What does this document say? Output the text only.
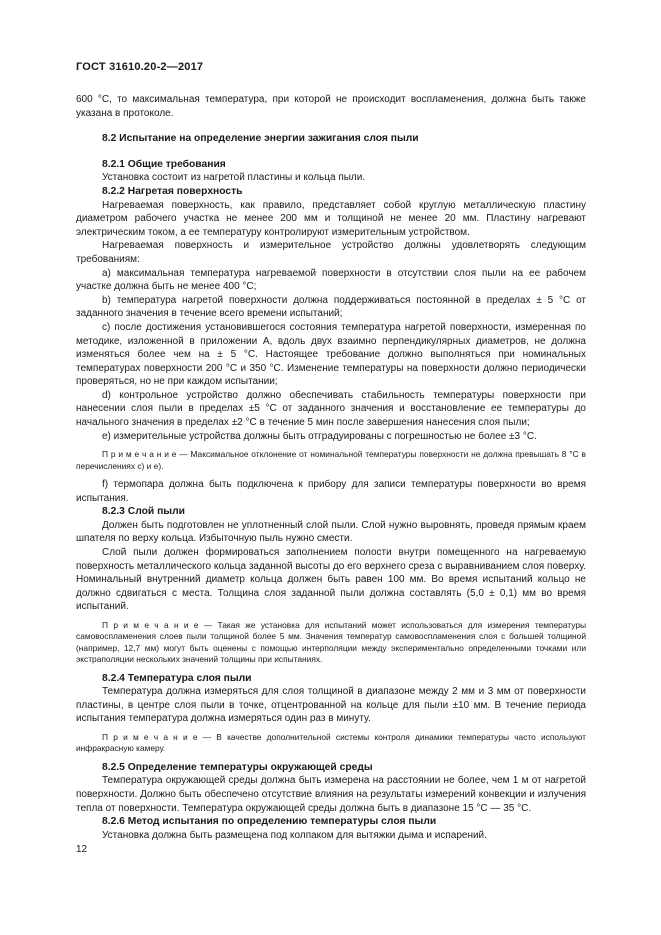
ГОСТ 31610.20-2—2017

600 °С, то максимальная температура, при которой не происходит воспламенения, должна быть также указана в протоколе.

8.2 Испытание на определение энергии зажигания слоя пыли

8.2.1 Общие требования

Установка состоит из нагретой пластины и кольца пыли.

8.2.2 Нагретая поверхность

Нагреваемая поверхность, как правило, представляет собой круглую металлическую пластину диаметром рабочего участка не менее 200 мм и толщиной не менее 20 мм. Пластину нагревают электрическим током, а ее температуру контролируют измерительным устройством.

Нагреваемая поверхность и измерительное устройство должны удовлетворять следующим требованиям:

а) максимальная температура нагреваемой поверхности в отсутствии слоя пыли на ее рабочем участке должна быть не менее 400 °С;

b) температура нагретой поверхности должна поддерживаться постоянной в пределах ± 5 °С от заданного значения в течение всего времени испытаний;

c) после достижения установившегося состояния температура нагретой поверхности, измеренная по методике, изложенной в приложении А, вдоль двух взаимно перпендикулярных диаметров, не должна изменяться более чем на ± 5 °С. Настоящее требование должно выполняться при номинальных температурах поверхности 200 °С и 350 °С. Изменение температуры на поверхности должно периодически проверяться, но не при каждом испытании;

d) контрольное устройство должно обеспечивать стабильность температуры поверхности при нанесении слоя пыли в пределах ±5 °С от заданного значения и восстановление ее температуры до начального значения в пределах ±2 °С в течение 5 мин после завершения нанесения слоя пыли;

е) измерительные устройства должны быть отградуированы с погрешностью не более ±3 °С.

П р и м е ч а н и е — Максимальное отклонение от номинальной температуры поверхности не должна превышать 8 °С в перечислениях с) и е).

f) термопара должна быть подключена к прибору для записи температуры поверхности во время испытания.

8.2.3 Слой пыли

Должен быть подготовлен не уплотненный слой пыли. Слой нужно выровнять, проведя прямым краем шпателя по верху кольца. Избыточную пыль нужно смести.

Слой пыли должен формироваться заполнением полости внутри помещенного на нагреваемую поверхность металлического кольца заданной высоты до его верхнего среза с выравниванием слоя поверху. Номинальный внутренний диаметр кольца должен быть равен 100 мм. Во время испытаний кольцо не должно сдвигаться с места. Толщина слоя заданной пыли должна составлять (5,0 ± 0,1) мм во время испытаний.

П р и м е ч а н и е — Такая же установка для испытаний может использоваться для измерения температуры самовоспламенения слоев пыли толщиной более 5 мм. Значения температур самовоспламенения слоя с большей толщиной (например, 12,7 мм) могут быть оценены с помощью интерполяции между экспериментально определенными точками или экстраполяции нескольких значений толщины при испытаниях.

8.2.4 Температура слоя пыли

Температура должна измеряться для слоя толщиной в диапазоне между 2 мм и 3 мм от поверхности пластины, в центре слоя пыли в точке, отцентрованной на кольце для пыли ±10 мм. В течение периода испытания температура должна измеряться один раз в минуту.

П р и м е ч а н и е — В качестве дополнительной системы контроля динамики температуры часто используют инфракрасную камеру.

8.2.5 Определение температуры окружающей среды

Температура окружающей среды должна быть измерена на расстоянии не более, чем 1 м от нагретой поверхности. Должно быть обеспечено отсутствие влияния на результаты измерений конвекции и излучения тепла от поверхности. Температура окружающей среды должна быть в диапазоне 15 °С — 35 °С.

8.2.6 Метод испытания по определению температуры слоя пыли

Установка должна быть размещена под колпаком для вытяжки дыма и испарений.

12
